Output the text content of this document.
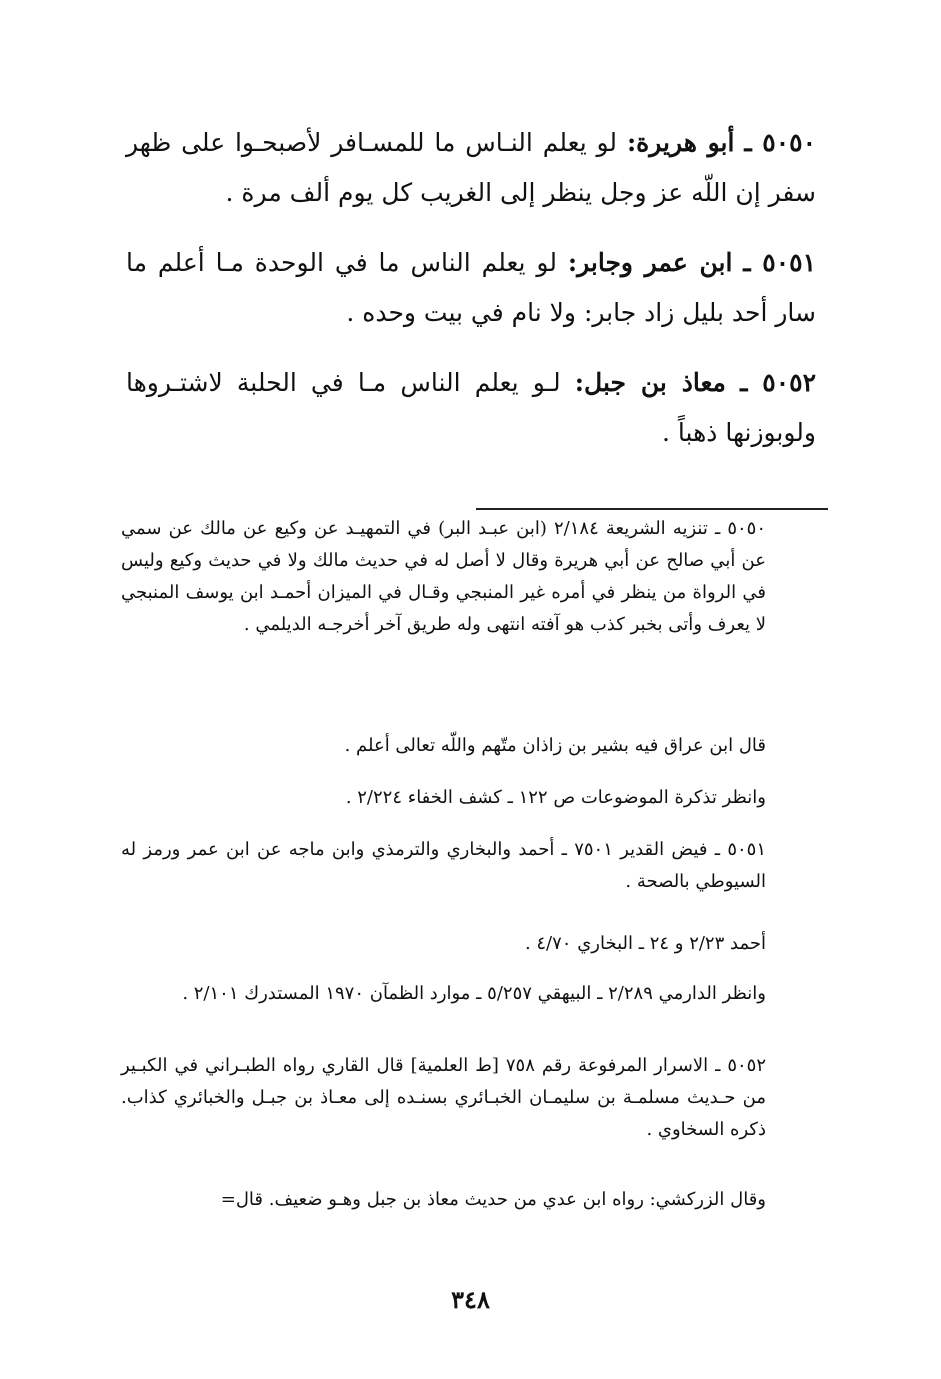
٥٠٥٠ ـ أبو هريرة: لو يعلم النـاس ما للمسـافر لأصبحـوا على ظهر سفر إن اللّه عز وجل ينظر إلى الغريب كل يوم ألف مرة .

٥٠٥١ ـ ابن عمر وجابر: لو يعلم الناس ما في الوحدة مـا أعلم ما سار أحد بليل زاد جابر: ولا نام في بيت وحده .

٥٠٥٢ ـ معاذ بن جبل: لـو يعلم الناس مـا في الحلبة لاشتـروها ولوبوزنها ذهباً .

٥٠٥٠ ـ تنزيه الشريعة ٢/١٨٤ (ابن عبـد البر) في التمهيـد عن وكيع عن مالك عن سمي عن أبي صالح عن أبي هريرة وقال لا أصل له في حديث مالك ولا في حديث وكيع وليس في الرواة من ينظر في أمره غير المنبجي وقـال في الميزان أحمـد ابن يوسف المنبجي لا يعرف وأتى بخبر كذب هو آفته انتهى وله طريق آخر أخرجـه الديلمي .

قال ابن عراق فيه بشير بن زاذان متّهم واللّه تعالى أعلم .

وانظر تذكرة الموضوعات ص ١٢٢ ـ كشف الخفاء ٢/٢٢٤ .

٥٠٥١ ـ فيض القدير ٧٥٠١ ـ أحمد والبخاري والترمذي وابن ماجه عن ابن عمر ورمز له السيوطي بالصحة .

أحمد ٢/٢٣ و ٢٤ ـ البخاري ٤/٧٠ .

وانظر الدارمي ٢/٢٨٩ ـ البيهقي ٥/٢٥٧ ـ موارد الظمآن ١٩٧٠ المستدرك ٢/١٠١ .

٥٠٥٢ ـ الاسرار المرفوعة رقم ٧٥٨ [ط العلمية] قال القاري رواه الطبـراني في الكبـير من حـديث مسلمـة بن سليمـان الخبـائري بسنـده إلى معـاذ بن جبـل والخبائري كذاب. ذكره السخاوي .

وقال الزركشي: رواه ابن عدي من حديث معاذ بن جبل وهـو ضعيف. قال=

٣٤٨
